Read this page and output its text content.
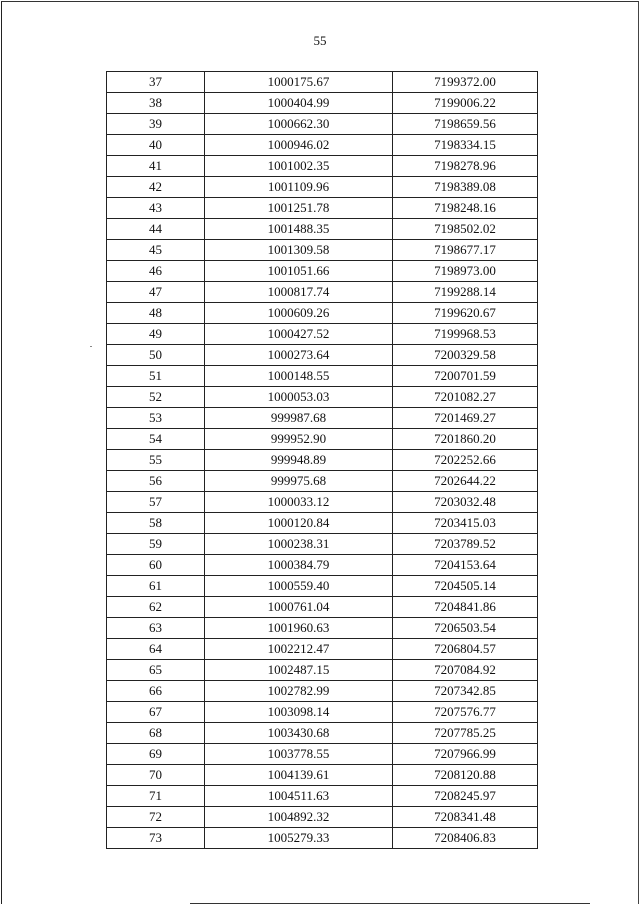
55
37	1000175.67	7199372.00
38	1000404.99	7199006.22
39	1000662.30	7198659.56
40	1000946.02	7198334.15
41	1001002.35	7198278.96
42	1001109.96	7198389.08
43	1001251.78	7198248.16
44	1001488.35	7198502.02
45	1001309.58	7198677.17
46	1001051.66	7198973.00
47	1000817.74	7199288.14
48	1000609.26	7199620.67
49	1000427.52	7199968.53
50	1000273.64	7200329.58
51	1000148.55	7200701.59
52	1000053.03	7201082.27
53	999987.68	7201469.27
54	999952.90	7201860.20
55	999948.89	7202252.66
56	999975.68	7202644.22
57	1000033.12	7203032.48
58	1000120.84	7203415.03
59	1000238.31	7203789.52
60	1000384.79	7204153.64
61	1000559.40	7204505.14
62	1000761.04	7204841.86
63	1001960.63	7206503.54
64	1002212.47	7206804.57
65	1002487.15	7207084.92
66	1002782.99	7207342.85
67	1003098.14	7207576.77
68	1003430.68	7207785.25
69	1003778.55	7207966.99
70	1004139.61	7208120.88
71	1004511.63	7208245.97
72	1004892.32	7208341.48
73	1005279.33	7208406.83
